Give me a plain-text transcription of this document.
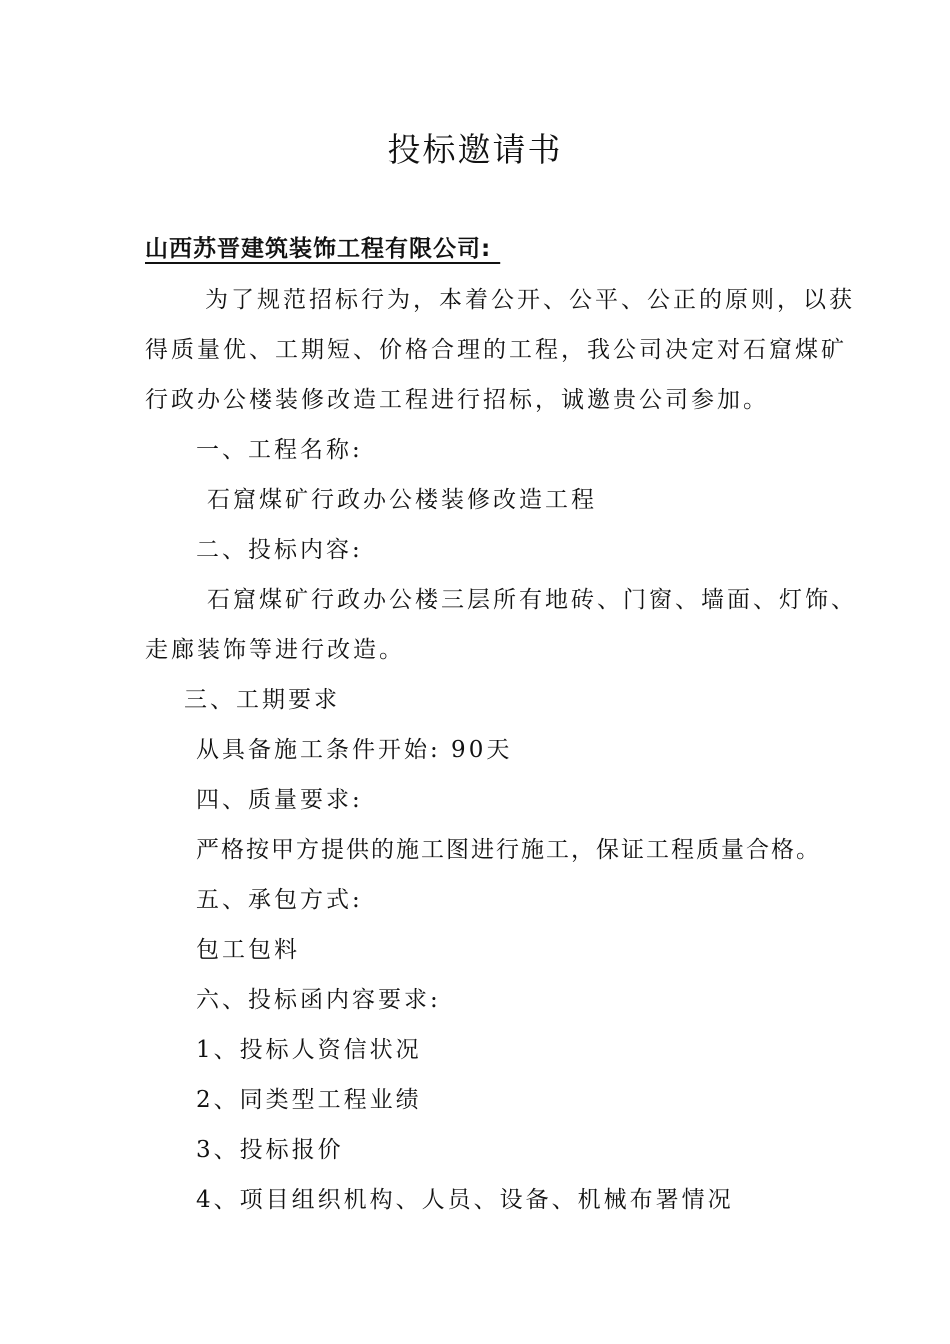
投标邀请书
山西苏晋建筑装饰工程有限公司:
为了规范招标行为，本着公开、公平、公正的原则，以获
得质量优、工期短、价格合理的工程，我公司决定对石窟煤矿
行政办公楼装修改造工程进行招标，诚邀贵公司参加。
一、工程名称:
石窟煤矿行政办公楼装修改造工程
二、投标内容:
石窟煤矿行政办公楼三层所有地砖、门窗、墙面、灯饰、
走廊装饰等进行改造。
三、工期要求
从具备施工条件开始: 90天
四、质量要求:
严格按甲方提供的施工图进行施工，保证工程质量合格。
五、承包方式:
包工包料
六、投标函内容要求:
1、投标人资信状况
2、同类型工程业绩
3、投标报价
4、项目组织机构、人员、设备、机械布署情况
